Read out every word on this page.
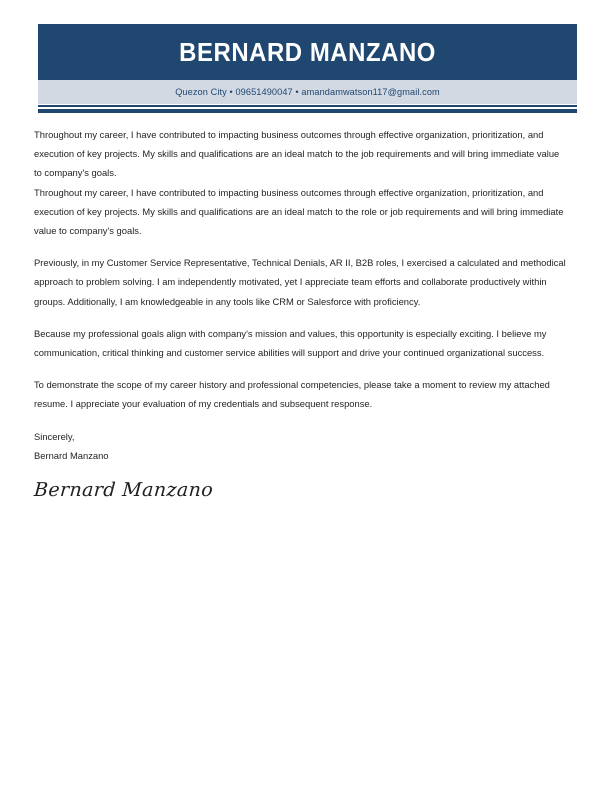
BERNARD MANZANO
Quezon City • 09651490047 • amandamwatson117@gmail.com

Throughout my career, I have contributed to impacting business outcomes through effective organization, prioritization, and execution of key projects. My skills and qualifications are an ideal match to the job requirements and will bring immediate value to company's goals.

Throughout my career, I have contributed to impacting business outcomes through effective organization, prioritization, and execution of key projects. My skills and qualifications are an ideal match to the role or job requirements and will bring immediate value to company's goals.

Previously, in my Customer Service Representative, Technical Denials, AR II, B2B roles, I exercised a calculated and methodical approach to problem solving. I am independently motivated, yet I appreciate team efforts and collaborate productively within groups. Additionally, I am knowledgeable in any tools like CRM or Salesforce with proficiency.

Because my professional goals align with company's mission and values, this opportunity is especially exciting. I believe my communication, critical thinking and customer service abilities will support and drive your continued organizational success.

To demonstrate the scope of my career history and professional competencies, please take a moment to review my attached resume. I appreciate your evaluation of my credentials and subsequent response.

Sincerely,
Bernard Manzano
Bernard Manzano
